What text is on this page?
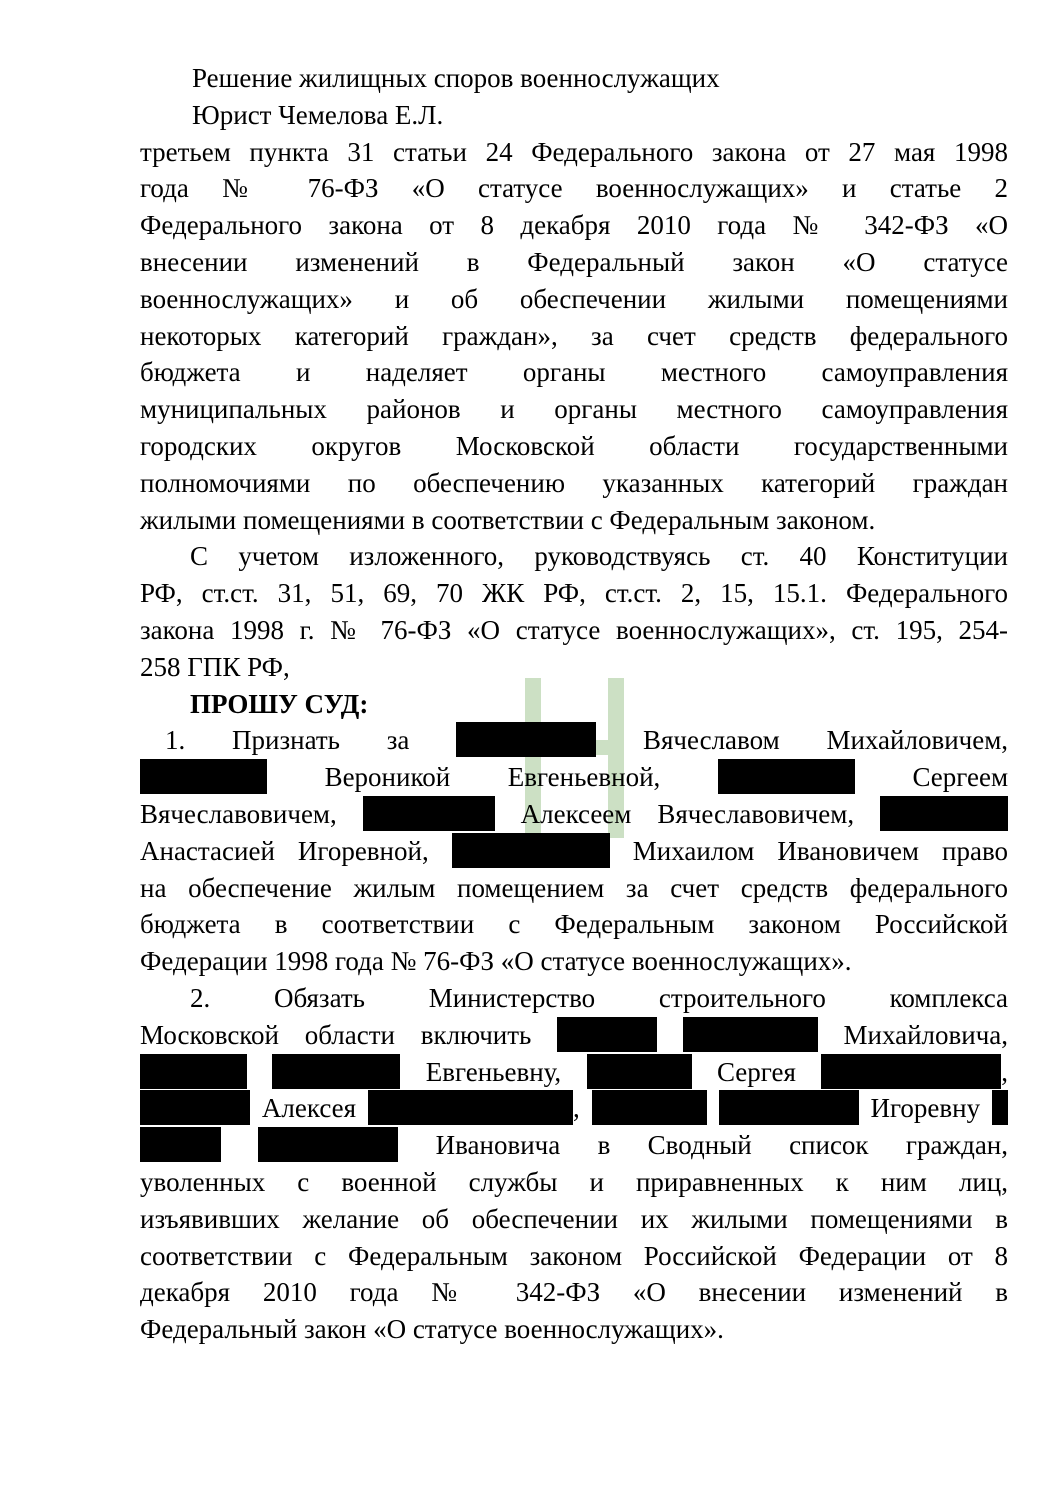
Решение жилищных споров военнослужащих
Юрист Чемелова Е.Л.
третьем пункта 31 статьи 24 Федерального закона от 27 мая 1998
года № 76-ФЗ «О статусе военнослужащих» и статье 2
Федерального закона от 8 декабря 2010 года № 342-ФЗ «О
внесении изменений в Федеральный закон «О статусе
военнослужащих» и об обеспечении жилыми помещениями
некоторых категорий граждан», за счет средств федерального
бюджета и наделяет органы местного самоуправления
муниципальных районов и органы местного самоуправления
городских округов Московской области государственными
полномочиями по обеспечению указанных категорий граждан
жилыми помещениями в соответствии с Федеральным законом.
С учетом изложенного, руководствуясь ст. 40 Конституции
РФ, ст.ст. 31, 51, 69, 70 ЖК РФ, ст.ст. 2, 15, 15.1. Федерального
закона 1998 г. № 76-ФЗ «О статусе военнослужащих», ст. 195, 254-
258 ГПК РФ,
ПРОШУ СУД:
1. Признать за	Вячеславом Михайловичем,
Вероникой Евгеньевной,	Сергеем
Вячеславовичем,	Алексеем Вячеславовичем,
Анастасией Игоревной,	Михаилом Ивановичем право
на обеспечение жилым помещением за счет средств федерального
бюджета в соответствии с Федеральным законом Российской
Федерации 1998 года № 76-ФЗ «О статусе военнослужащих».
2. Обязать Министерство строительного комплекса
Московской области включить	Михайловича,
Евгеньевну,	Сергея	,
Алексея	,	Игоревну
Ивановича в Сводный список граждан,
уволенных с военной службы и приравненных к ним лиц,
изъявивших желание об обеспечении их жилыми помещениями в
соответствии с Федеральным законом Российской Федерации от 8
декабря 2010 года № 342-ФЗ «О внесении изменений в
Федеральный закон «О статусе военнослужащих».
